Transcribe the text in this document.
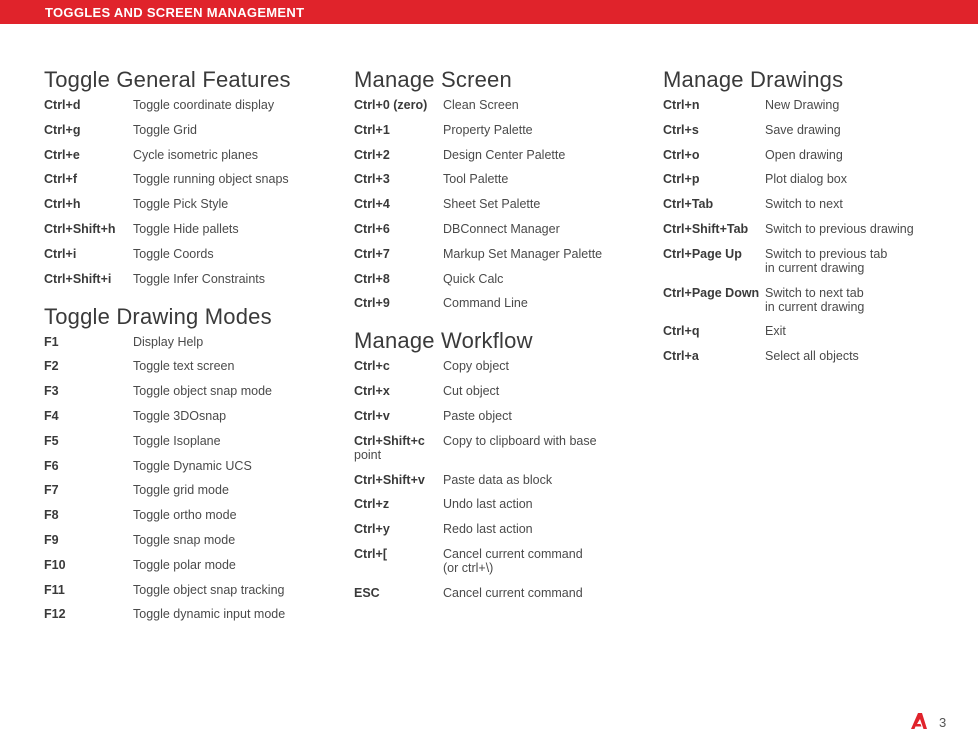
TOGGLES AND SCREEN MANAGEMENT
Toggle General Features
Ctrl+d	Toggle coordinate display
Ctrl+g	Toggle Grid
Ctrl+e	Cycle isometric planes
Ctrl+f	Toggle running object snaps
Ctrl+h	Toggle Pick Style
Ctrl+Shift+h	Toggle Hide pallets
Ctrl+i	Toggle Coords
Ctrl+Shift+i	Toggle Infer Constraints
Toggle Drawing Modes
F1	Display Help
F2	Toggle text screen
F3	Toggle object snap mode
F4	Toggle 3DOsnap
F5	Toggle Isoplane
F6	Toggle Dynamic UCS
F7	Toggle grid mode
F8	Toggle ortho mode
F9	Toggle snap mode
F10	Toggle polar mode
F11	Toggle object snap tracking
F12	Toggle dynamic input mode
Manage Screen
Ctrl+0 (zero)	Clean Screen
Ctrl+1	Property Palette
Ctrl+2	Design Center Palette
Ctrl+3	Tool Palette
Ctrl+4	Sheet Set Palette
Ctrl+6	DBConnect Manager
Ctrl+7	Markup Set Manager Palette
Ctrl+8	Quick Calc
Ctrl+9	Command Line
Manage Workflow
Ctrl+c	Copy object
Ctrl+x	Cut object
Ctrl+v	Paste object
Ctrl+Shift+c	Copy to clipboard with base
point
Ctrl+Shift+v	Paste data as block
Ctrl+z	Undo last action
Ctrl+y	Redo last action
Ctrl+[	Cancel current command
(or ctrl+\)
ESC	Cancel current command
Manage Drawings
Ctrl+n	New Drawing
Ctrl+s	Save drawing
Ctrl+o	Open drawing
Ctrl+p	Plot dialog box
Ctrl+Tab	Switch to next
Ctrl+Shift+Tab	Switch to previous drawing
Ctrl+Page Up	Switch to previous tab
in current drawing
Ctrl+Page Down Switch to next tab
in current drawing
Ctrl+q	Exit
Ctrl+a	Select all objects
3
